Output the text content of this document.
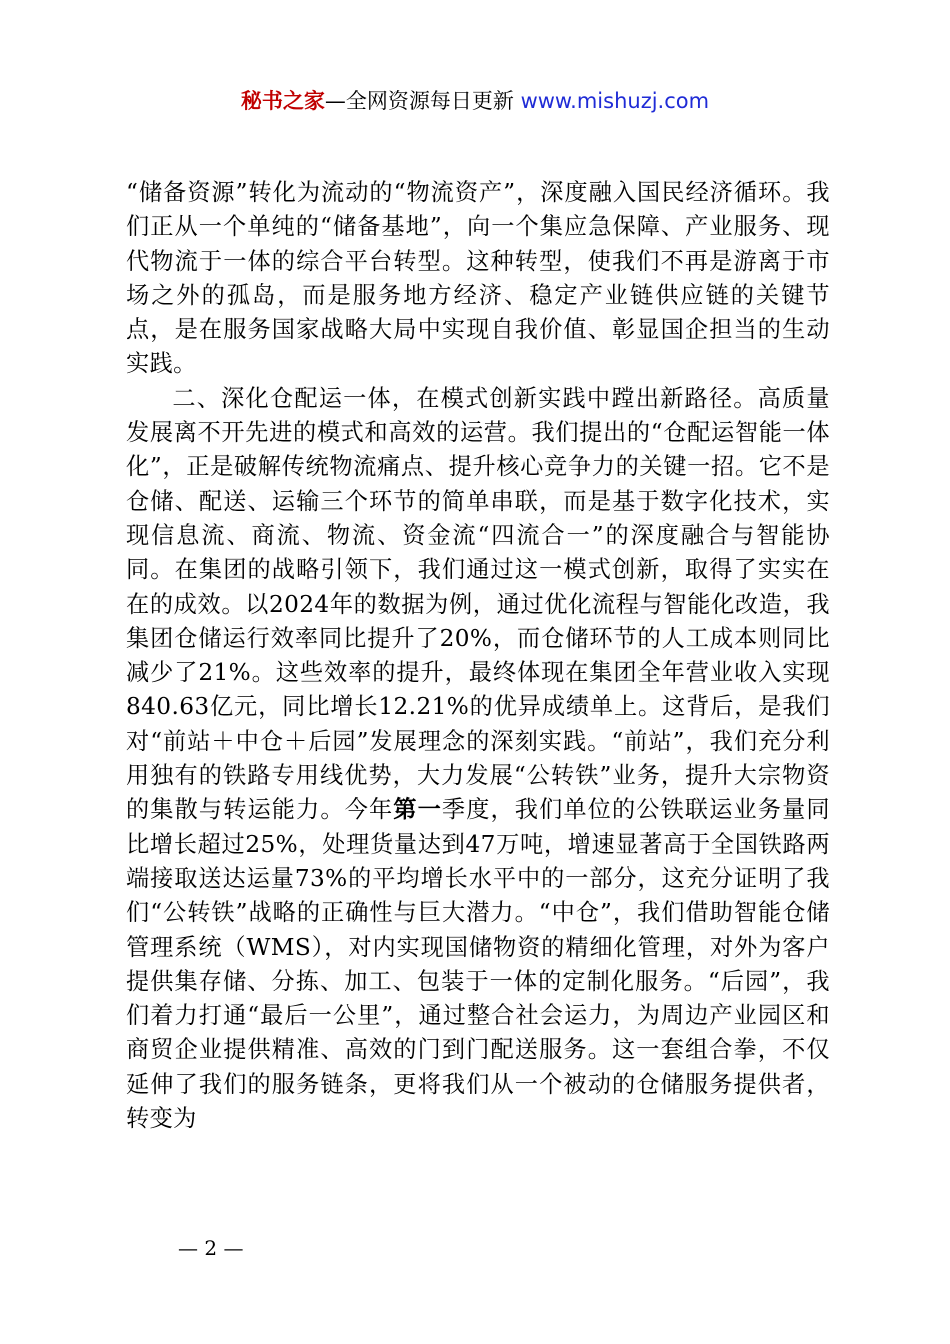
秘书之家—全网资源每日更新 www.mishuzj.com

“储备资源”转化为流动的“物流资产”，深度融入国民经济循环。我们正从一个单纯的“储备基地”，向一个集应急保障、产业服务、现代物流于一体的综合平台转型。这种转型，使我们不再是游离于市场之外的孤岛，而是服务地方经济、稳定产业链供应链的关键节点，是在服务国家战略大局中实现自我价值、彰显国企担当的生动实践。

二、深化仓配运一体，在模式创新实践中蹚出新路径。高质量发展离不开先进的模式和高效的运营。我们提出的“仓配运智能一体化”，正是破解传统物流痛点、提升核心竞争力的关键一招。它不是仓储、配送、运输三个环节的简单串联，而是基于数字化技术，实现信息流、商流、物流、资金流“四流合一”的深度融合与智能协同。在集团的战略引领下，我们通过这一模式创新，取得了实实在在的成效。以2024年的数据为例，通过优化流程与智能化改造，我集团仓储运行效率同比提升了20%，而仓储环节的人工成本则同比减少了21%。这些效率的提升，最终体现在集团全年营业收入实现840.63亿元，同比增长12.21%的优异成绩单上。这背后，是我们对“前站＋中仓＋后园”发展理念的深刻实践。“前站”，我们充分利用独有的铁路专用线优势，大力发展“公转铁”业务，提升大宗物资的集散与转运能力。今年第一季度，我们单位的公铁联运业务量同比增长超过25%，处理货量达到47万吨，增速显著高于全国铁路两端接取送达运量73%的平均增长水平中的一部分，这充分证明了我们“公转铁”战略的正确性与巨大潜力。“中仓”，我们借助智能仓储管理系统（WMS），对内实现国储物资的精细化管理，对外为客户提供集存储、分拣、加工、包装于一体的定制化服务。“后园”，我们着力打通“最后一公里”，通过整合社会运力，为周边产业园区和商贸企业提供精准、高效的门到门配送服务。这一套组合拳，不仅延伸了我们的服务链条，更将我们从一个被动的仓储服务提供者，转变为

— 2 —
